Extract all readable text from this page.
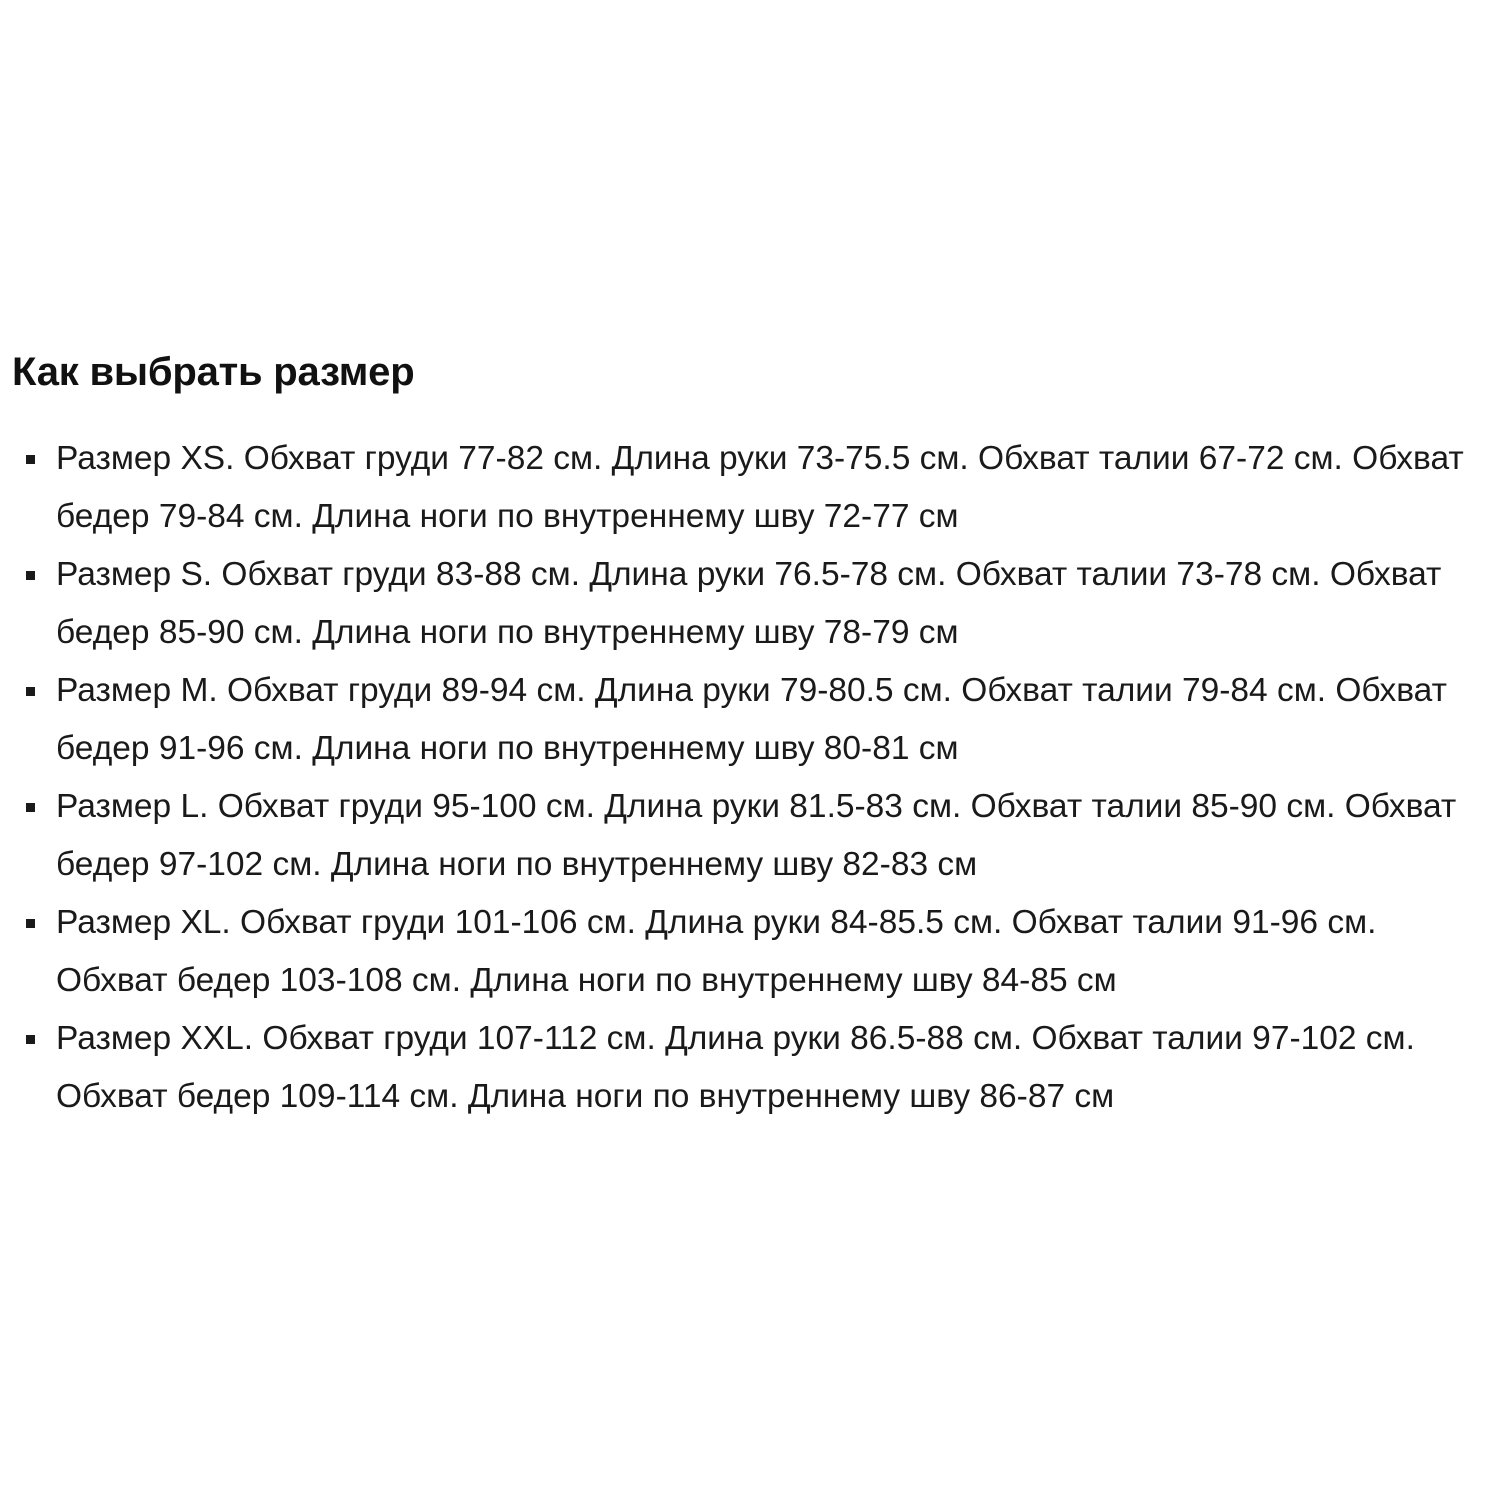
Как выбрать размер
Размер XS. Обхват груди 77-82 см. Длина руки 73-75.5 см. Обхват талии 67-72 см. Обхват бедер 79-84 см. Длина ноги по внутреннему шву 72-77 см
Размер S. Обхват груди 83-88 см. Длина руки 76.5-78 см. Обхват талии 73-78 см. Обхват бедер 85-90 см. Длина ноги по внутреннему шву 78-79 см
Размер M. Обхват груди 89-94 см. Длина руки 79-80.5 см. Обхват талии 79-84 см. Обхват бедер 91-96 см. Длина ноги по внутреннему шву 80-81 см
Размер L. Обхват груди 95-100 см. Длина руки 81.5-83 см. Обхват талии 85-90 см. Обхват бедер 97-102 см. Длина ноги по внутреннему шву 82-83 см
Размер XL. Обхват груди 101-106 см. Длина руки 84-85.5 см. Обхват талии 91-96 см. Обхват бедер 103-108 см. Длина ноги по внутреннему шву 84-85 см
Размер XXL. Обхват груди 107-112 см. Длина руки 86.5-88 см. Обхват талии 97-102 см. Обхват бедер 109-114 см. Длина ноги по внутреннему шву 86-87 см
